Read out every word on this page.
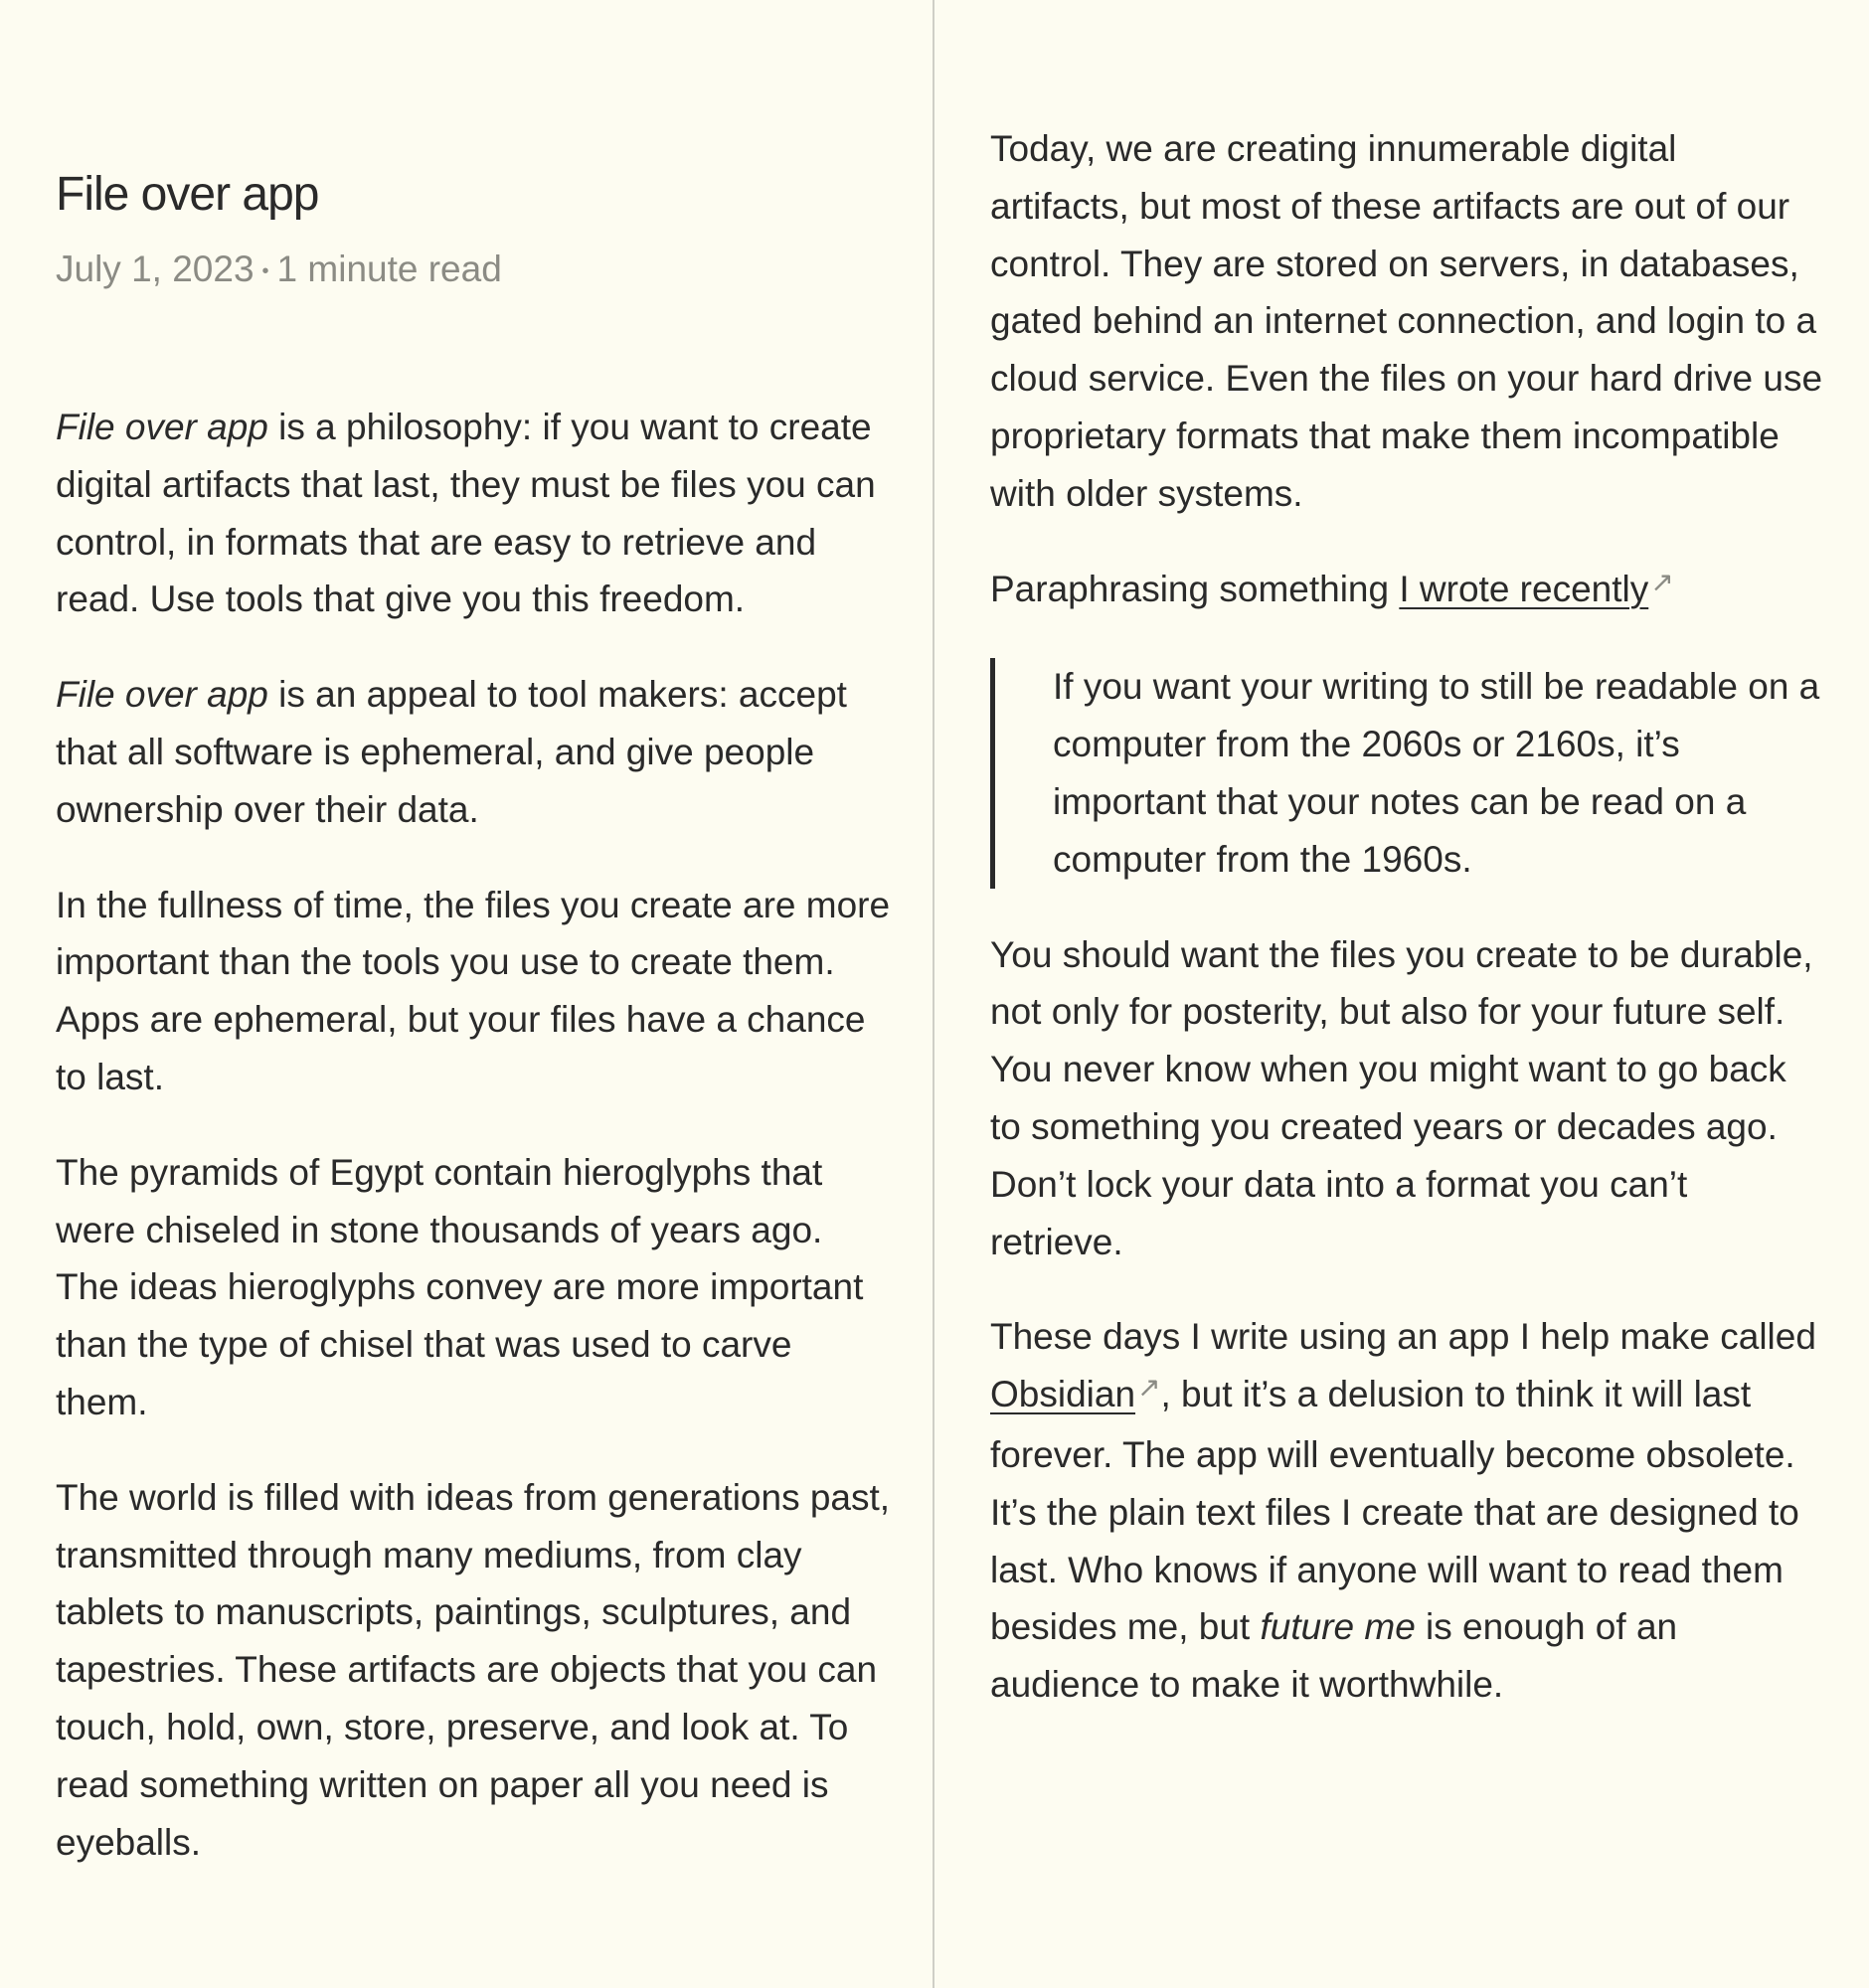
File over app
July 1, 2023 • 1 minute read

File over app is a philosophy: if you want to create digital artifacts that last, they must be files you can control, in formats that are easy to retrieve and read. Use tools that give you this freedom.

File over app is an appeal to tool makers: accept that all software is ephemeral, and give people ownership over their data.

In the fullness of time, the files you create are more important than the tools you use to create them. Apps are ephemeral, but your files have a chance to last.

The pyramids of Egypt contain hieroglyphs that were chiseled in stone thousands of years ago. The ideas hieroglyphs convey are more important than the type of chisel that was used to carve them.

The world is filled with ideas from generations past, transmitted through many mediums, from clay tablets to manuscripts, paintings, sculptures, and tapestries. These artifacts are objects that you can touch, hold, own, store, preserve, and look at. To read something written on paper all you need is eyeballs.

Today, we are creating innumerable digital artifacts, but most of these artifacts are out of our control. They are stored on servers, in databases, gated behind an internet connection, and login to a cloud service. Even the files on your hard drive use proprietary formats that make them incompatible with older systems.

Paraphrasing something I wrote recently↗

If you want your writing to still be readable on a computer from the 2060s or 2160s, it’s important that your notes can be read on a computer from the 1960s.

You should want the files you create to be durable, not only for posterity, but also for your future self. You never know when you might want to go back to something you created years or decades ago. Don’t lock your data into a format you can’t retrieve.

These days I write using an app I help make called Obsidian↗, but it’s a delusion to think it will last forever. The app will eventually become obsolete. It’s the plain text files I create that are designed to last. Who knows if anyone will want to read them besides me, but future me is enough of an audience to make it worthwhile.
